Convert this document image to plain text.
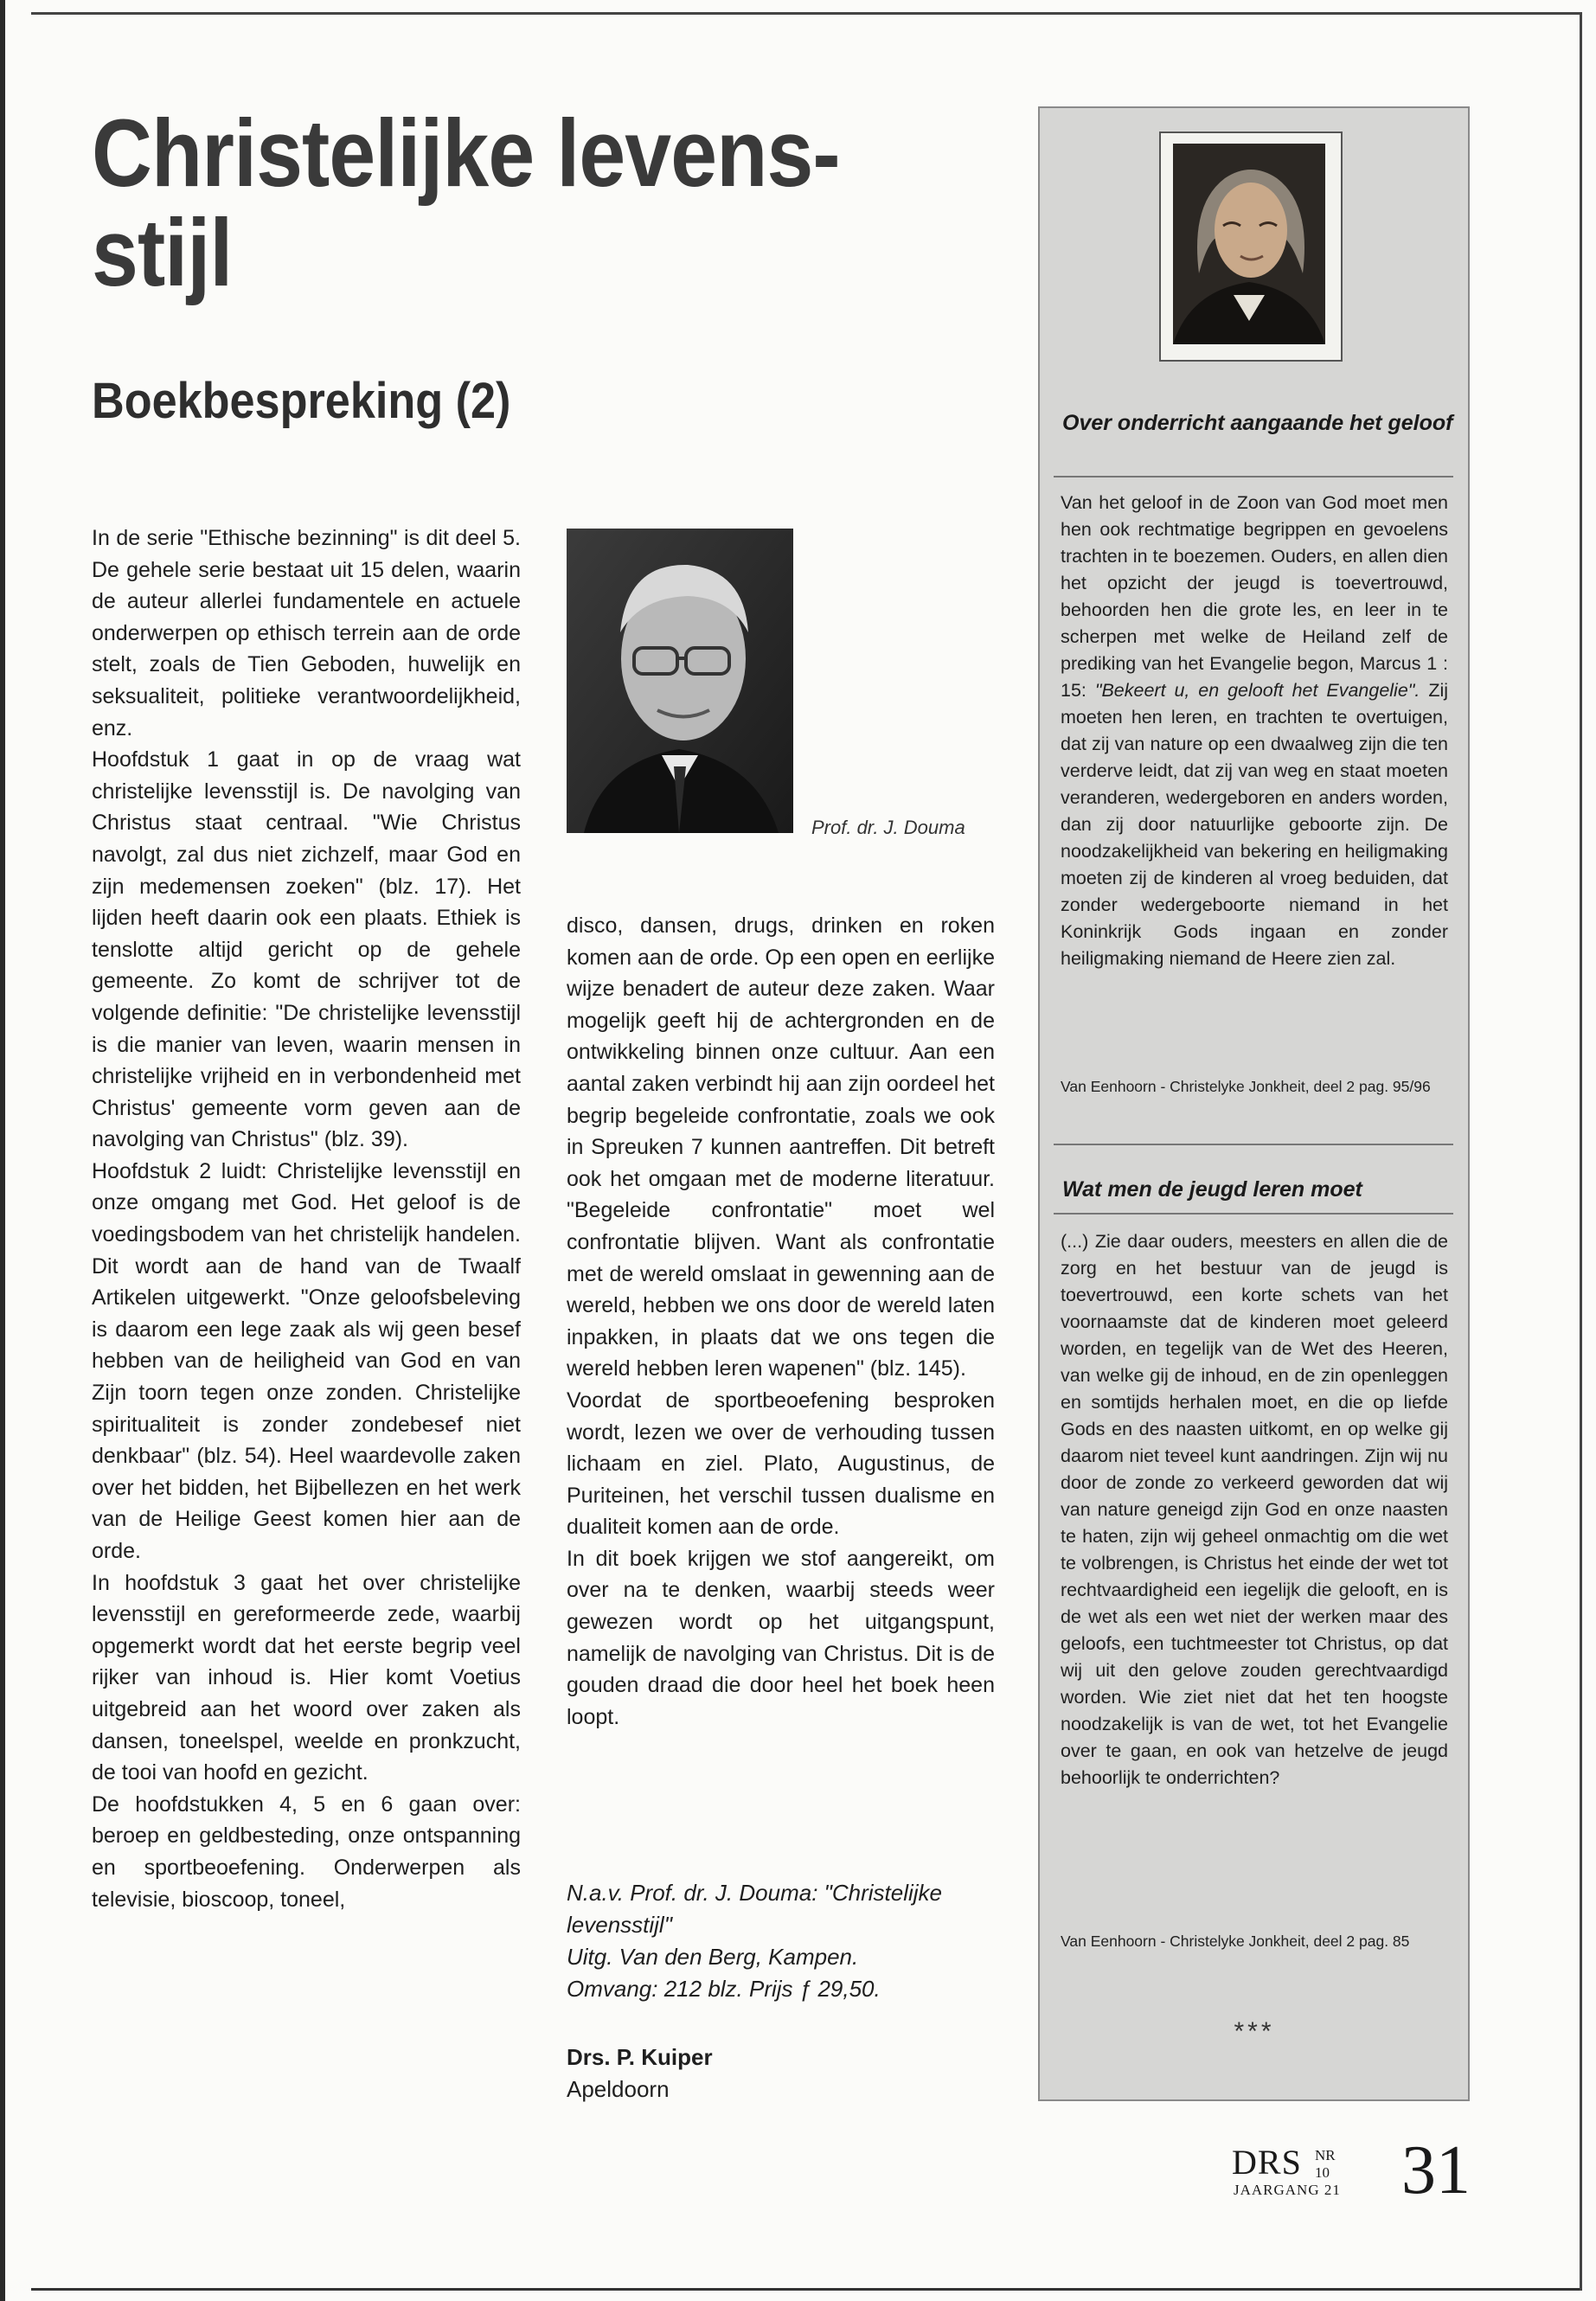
Christelijke levens-stijl
Boekbespreking (2)

In de serie "Ethische bezinning" is dit deel 5. De gehele serie bestaat uit 15 delen, waarin de auteur allerlei fundamentele en actuele onderwerpen op ethisch terrein aan de orde stelt, zoals de Tien Geboden, huwelijk en seksualiteit, politieke verantwoordelijkheid, enz.

Hoofdstuk 1 gaat in op de vraag wat christelijke levensstijl is. De navolging van Christus staat centraal. "Wie Christus navolgt, zal dus niet zichzelf, maar God en zijn medemensen zoeken" (blz. 17). Het lijden heeft daarin ook een plaats. Ethiek is tenslotte altijd gericht op de gehele gemeente. Zo komt de schrijver tot de volgende definitie: "De christelijke levensstijl is die manier van leven, waarin mensen in christelijke vrijheid en in verbondenheid met Christus' gemeente vorm geven aan de navolging van Christus" (blz. 39).

Hoofdstuk 2 luidt: Christelijke levensstijl en onze omgang met God. Het geloof is de voedingsbodem van het christelijk handelen. Dit wordt aan de hand van de Twaalf Artikelen uitgewerkt. "Onze geloofsbeleving is daarom een lege zaak als wij geen besef hebben van de heiligheid van God en van Zijn toorn tegen onze zonden. Christelijke spiritualiteit is zonder zondebesef niet denkbaar" (blz. 54). Heel waardevolle zaken over het bidden, het Bijbellezen en het werk van de Heilige Geest komen hier aan de orde.

In hoofdstuk 3 gaat het over christelijke levensstijl en gereformeerde zede, waarbij opgemerkt wordt dat het eerste begrip veel rijker van inhoud is. Hier komt Voetius uitgebreid aan het woord over zaken als dansen, toneelspel, weelde en pronkzucht, de tooi van hoofd en gezicht.

De hoofdstukken 4, 5 en 6 gaan over: beroep en geldbesteding, onze ontspanning en sportbeoefening. Onderwerpen als televisie, bioscoop, toneel,

Prof. dr. J. Douma

disco, dansen, drugs, drinken en roken komen aan de orde. Op een open en eerlijke wijze benadert de auteur deze zaken. Waar mogelijk geeft hij de achtergronden en de ontwikkeling binnen onze cultuur. Aan een aantal zaken verbindt hij aan zijn oordeel het begrip begeleide confrontatie, zoals we ook in Spreuken 7 kunnen aantreffen. Dit betreft ook het omgaan met de moderne literatuur. "Begeleide confrontatie" moet wel confrontatie blijven. Want als confrontatie met de wereld omslaat in gewenning aan de wereld, hebben we ons door de wereld laten inpakken, in plaats dat we ons tegen die wereld hebben leren wapenen" (blz. 145).

Voordat de sportbeoefening besproken wordt, lezen we over de verhouding tussen lichaam en ziel. Plato, Augustinus, de Puriteinen, het verschil tussen dualisme en dualiteit komen aan de orde.

In dit boek krijgen we stof aangereikt, om over na te denken, waarbij steeds weer gewezen wordt op het uitgangspunt, namelijk de navolging van Christus. Dit is de gouden draad die door heel het boek heen loopt.

N.a.v. Prof. dr. J. Douma: "Christelijke levensstijl"

Uitg. Van den Berg, Kampen.

Omvang: 212 blz. Prijs ƒ 29,50.

Drs. P. Kuiper
Apeldoorn
Over onderricht aangaande het geloof

Van het geloof in de Zoon van God moet men hen ook rechtmatige begrippen en gevoelens trachten in te boezemen. Ouders, en allen dien het opzicht der jeugd is toevertrouwd, behoorden hen die grote les, en leer in te scherpen met welke de Heiland zelf de prediking van het Evangelie begon, Marcus 1 : 15: "Bekeert u, en gelooft het Evangelie". Zij moeten hen leren, en trachten te overtuigen, dat zij van nature op een dwaalweg zijn die ten verderve leidt, dat zij van weg en staat moeten veranderen, wedergeboren en anders worden, dan zij door natuurlijke geboorte zijn. De noodzakelijkheid van bekering en heiligmaking moeten zij de kinderen al vroeg beduiden, dat zonder wedergeboorte niemand in het Koninkrijk Gods ingaan en zonder heiligmaking niemand de Heere zien zal.

Van Eenhoorn - Christelyke Jonkheit, deel 2 pag. 95/96

Wat men de jeugd leren moet

(...) Zie daar ouders, meesters en allen die de zorg en het bestuur van de jeugd is toevertrouwd, een korte schets van het voornaamste dat de kinderen moet geleerd worden, en tegelijk van de Wet des Heeren, van welke gij de inhoud, en de zin openleggen en somtijds herhalen moet, en die op liefde Gods en des naasten uitkomt, en op welke gij daarom niet teveel kunt aandringen. Zijn wij nu door de zonde zo verkeerd geworden dat wij van nature geneigd zijn God en onze naasten te haten, zijn wij geheel onmachtig om die wet te volbrengen, is Christus het einde der wet tot rechtvaardigheid een iegelijk die gelooft, en is de wet als een wet niet der werken maar des geloofs, een tuchtmeester tot Christus, op dat wij uit den gelove zouden gerechtvaardigd worden. Wie ziet niet dat het ten hoogste noodzakelijk is van de wet, tot het Evangelie over te gaan, en ook van hetzelve de jeugd behoorlijk te onderrichten?

Van Eenhoorn - Christelyke Jonkheit, deel 2 pag. 85

***
DRS NR 10
JAARGANG 21 31
